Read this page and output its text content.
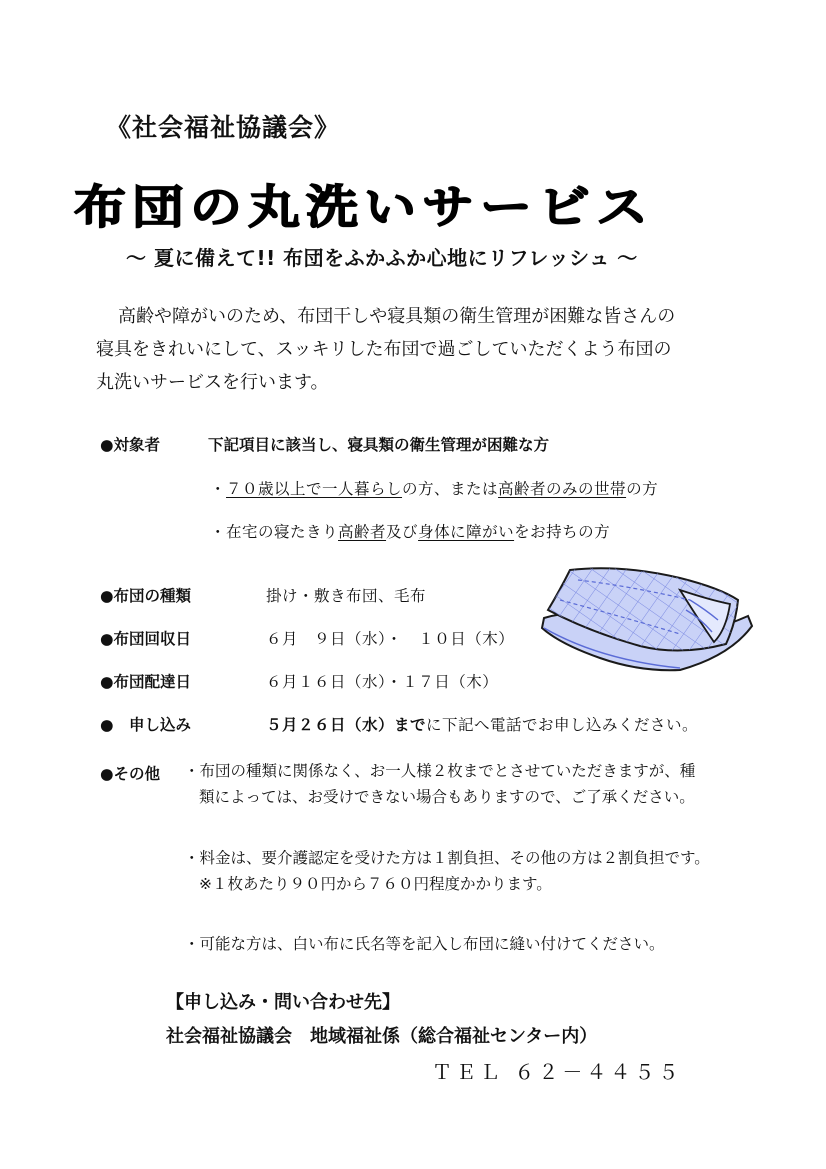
《社会福祉協議会》
布団の丸洗いサービス
～ 夏に備えて!! 布団をふかふか心地にリフレッシュ ～

高齢や障がいのため、布団干しや寝具類の衛生管理が困難な皆さんの

寝具をきれいにして、スッキリした布団で過ごしていただくよう布団の

丸洗いサービスを行います。

●対象者	下記項目に該当し、寝具類の衛生管理が困難な方
・７０歳以上で一人暮らしの方、または高齢者のみの世帯の方
・在宅の寝たきり高齢者及び身体に障がいをお持ちの方
●布団の種類	掛け・敷き布団、毛布
●布団回収日	６月　９日（水）・　１０日（木）
●布団配達日	６月１６日（水）・１７日（木）
●　申し込み	５月２６日（水）までに下記へ電話でお申し込みください。
●その他 ・布団の種類に関係なく、お一人様２枚までとさせていただきますが、種
類によっては、お受けできない場合もありますので、ご了承ください。
・料金は、要介護認定を受けた方は１割負担、その他の方は２割負担です。
※１枚あたり９０円から７６０円程度かかります。
・可能な方は、白い布に氏名等を記入し布団に縫い付けてください。
【申し込み・問い合わせ先】
社会福祉協議会　地域福祉係（総合福祉センター内）
ＴＥＬ ６２－４４５５
